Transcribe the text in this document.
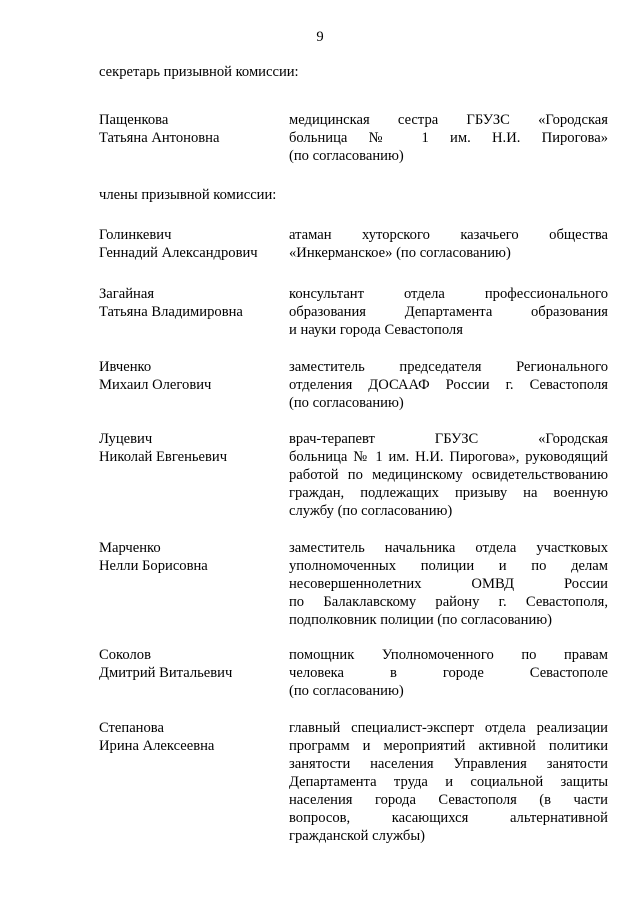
9
секретарь призывной комиссии:
Пащенкова
Татьяна Антоновна
медицинская сестра ГБУЗС «Городская
больница № 1 им. Н.И. Пирогова»
(по согласованию)
члены призывной комиссии:
Голинкевич
Геннадий Александрович
атаман хуторского казачьего общества
«Инкерманское» (по согласованию)
Загайная
Татьяна Владимировна
консультант отдела профессионального
образования Департамента образования
и науки города Севастополя
Ивченко
Михаил Олегович
заместитель председателя Регионального
отделения ДОСААФ России г. Севастополя
(по согласованию)
Луцевич
Николай Евгеньевич
врач-терапевт ГБУЗС «Городская
больница № 1 им. Н.И. Пирогова», руководящий
работой по медицинскому освидетельствованию
граждан, подлежащих призыву на военную
службу (по согласованию)
Марченко
Нелли Борисовна
заместитель начальника отдела участковых
уполномоченных полиции и по делам
несовершеннолетних ОМВД России
по Балаклавскому району г. Севастополя,
подполковник полиции (по согласованию)
Соколов
Дмитрий Витальевич
помощник Уполномоченного по правам
человека в городе Севастополе
(по согласованию)
Степанова
Ирина Алексеевна
главный специалист-эксперт отдела реализации
программ и мероприятий активной политики
занятости населения Управления занятости
Департамента труда и социальной защиты
населения города Севастополя (в части
вопросов, касающихся альтернативной
гражданской службы)
